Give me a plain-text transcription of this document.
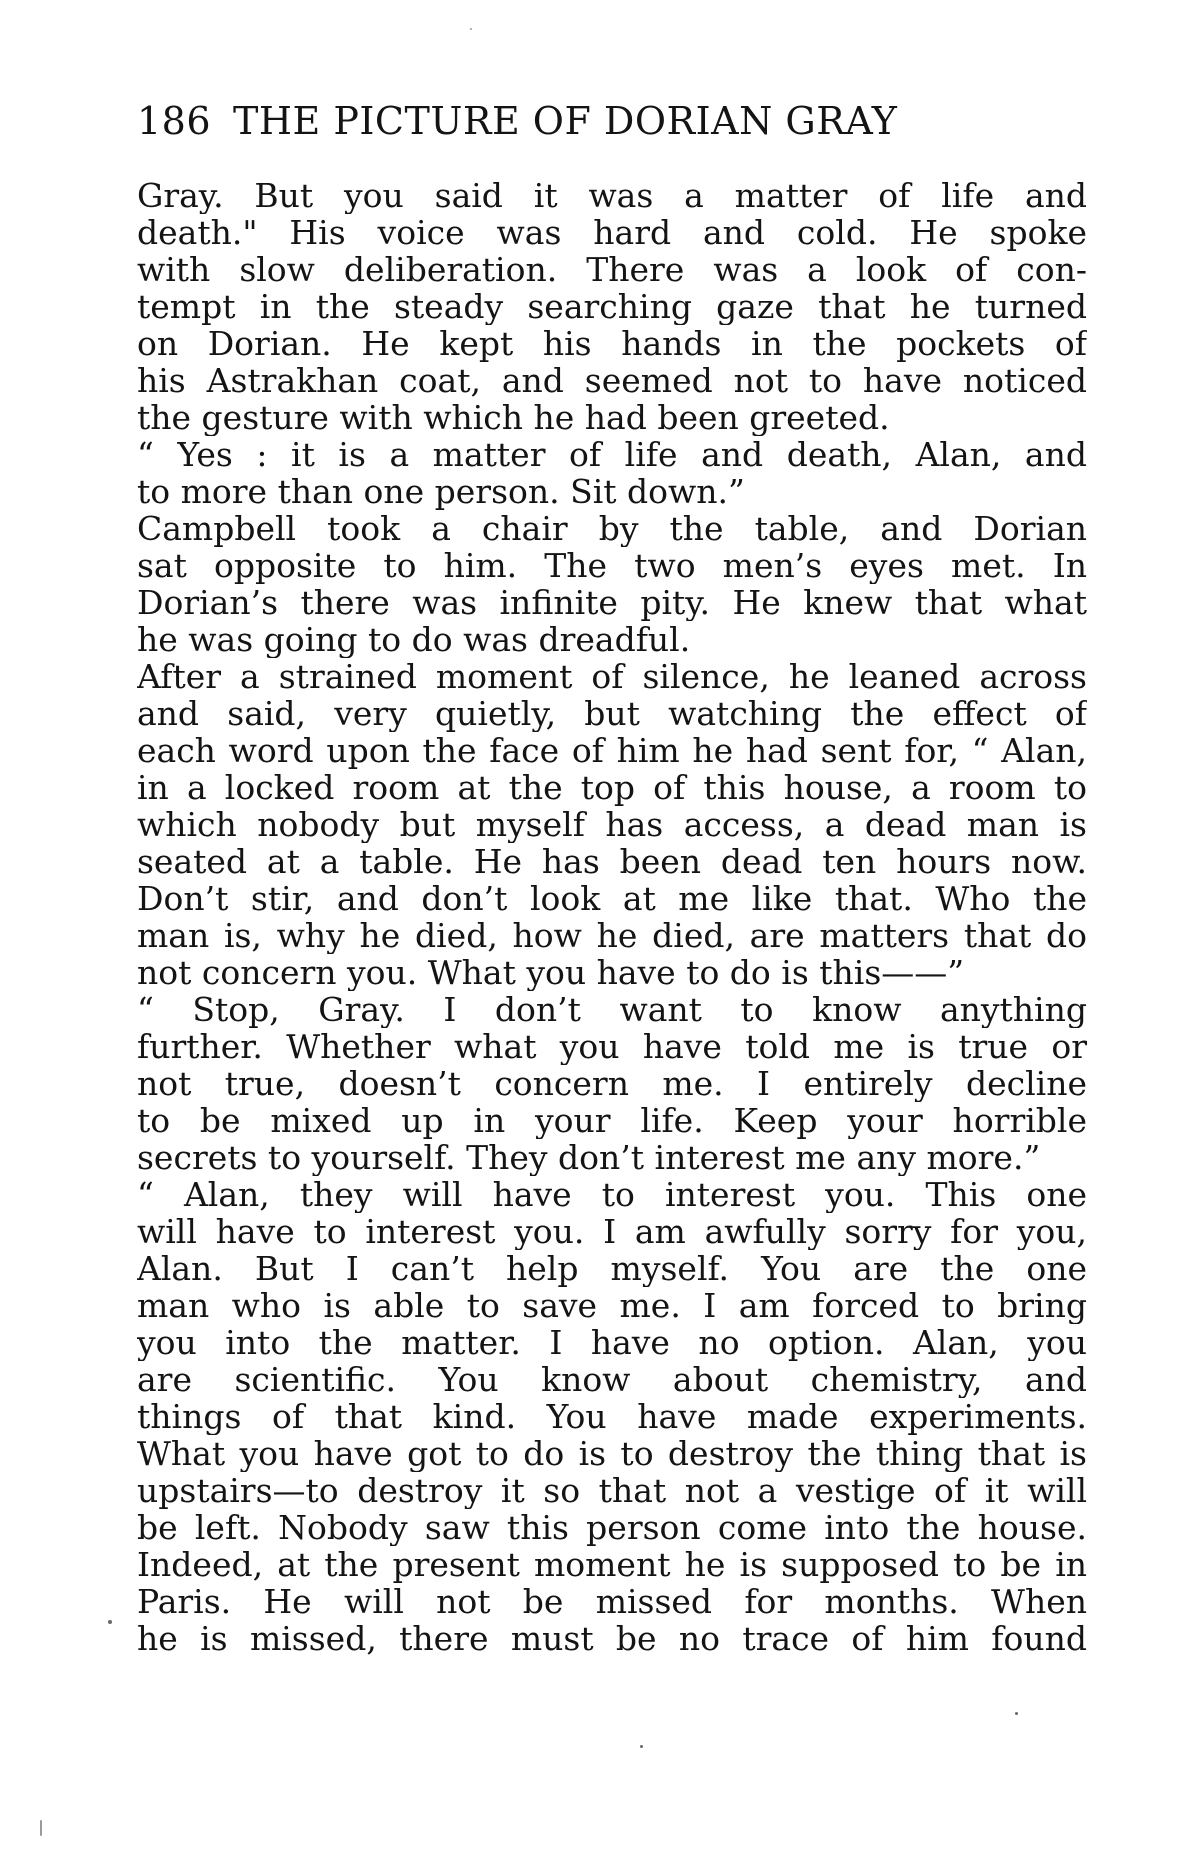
186 THE PICTURE OF DORIAN GRAY
Gray. But you said it was a matter of life and
death." His voice was hard and cold. He spoke
with slow deliberation. There was a look of con-
tempt in the steady searching gaze that he turned
on Dorian. He kept his hands in the pockets of
his Astrakhan coat, and seemed not to have noticed
the gesture with which he had been greeted.
“ Yes : it is a matter of life and death, Alan, and
to more than one person. Sit down.”
Campbell took a chair by the table, and Dorian
sat opposite to him. The two men’s eyes met. In
Dorian’s there was infinite pity. He knew that what
he was going to do was dreadful.
After a strained moment of silence, he leaned across
and said, very quietly, but watching the effect of
each word upon the face of him he had sent for, “ Alan,
in a locked room at the top of this house, a room to
which nobody but myself has access, a dead man is
seated at a table. He has been dead ten hours now.
Don’t stir, and don’t look at me like that. Who the
man is, why he died, how he died, are matters that do
not concern you. What you have to do is this——”
“ Stop, Gray. I don’t want to know anything
further. Whether what you have told me is true or
not true, doesn’t concern me. I entirely decline
to be mixed up in your life. Keep your horrible
secrets to yourself. They don’t interest me any more.”
“ Alan, they will have to interest you. This one
will have to interest you. I am awfully sorry for you,
Alan. But I can’t help myself. You are the one
man who is able to save me. I am forced to bring
you into the matter. I have no option. Alan, you
are scientific. You know about chemistry, and
things of that kind. You have made experiments.
What you have got to do is to destroy the thing that is
upstairs—to destroy it so that not a vestige of it will
be left. Nobody saw this person come into the house.
Indeed, at the present moment he is supposed to be in
Paris. He will not be missed for months. When
he is missed, there must be no trace of him found
